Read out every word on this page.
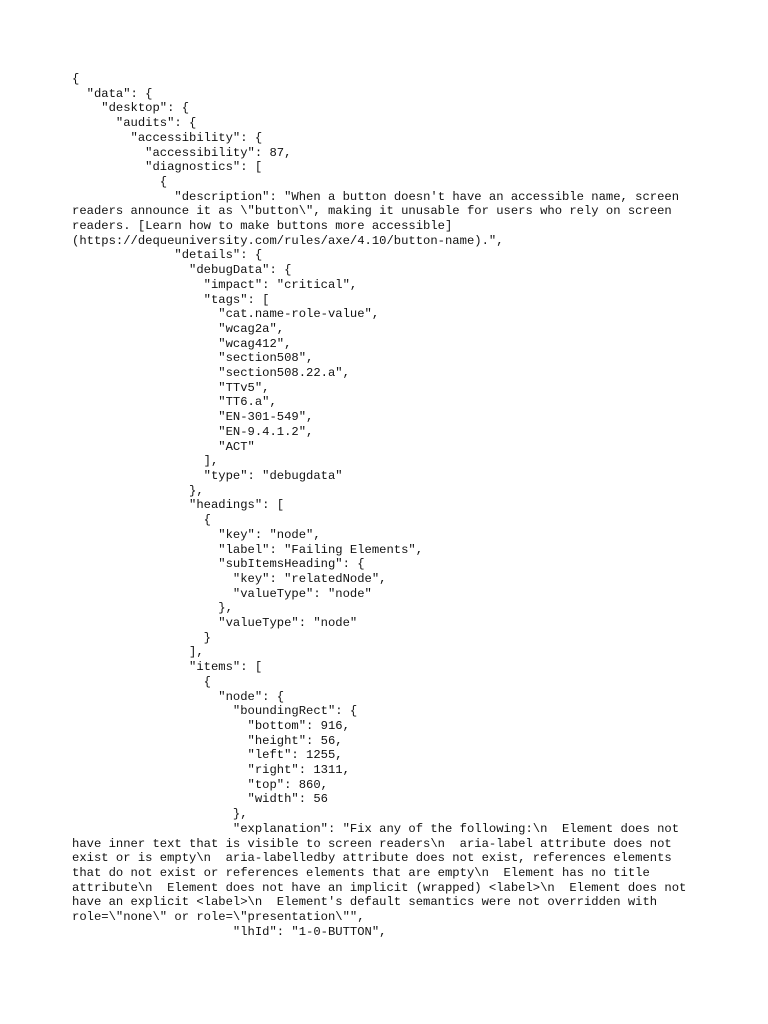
{
"data": {
"desktop": {
"audits": {
"accessibility": {
"accessibility": 87,
"diagnostics": [
{
"description": "When a button doesn't have an accessible name, screen readers announce it as \"button\", making it unusable for users who rely on screen readers. [Learn how to make buttons more accessible](https://dequeuniversity.com/rules/axe/4.10/button-name).",
"details": {
"debugData": {
"impact": "critical",
"tags": [
"cat.name-role-value",
"wcag2a",
"wcag412",
"section508",
"section508.22.a",
"TTv5",
"TT6.a",
"EN-301-549",
"EN-9.4.1.2",
"ACT"
],
"type": "debugdata"
},
"headings": [
{
"key": "node",
"label": "Failing Elements",
"subItemsHeading": {
"key": "relatedNode",
"valueType": "node"
},
"valueType": "node"
}
],
"items": [
{
"node": {
"boundingRect": {
"bottom": 916,
"height": 56,
"left": 1255,
"right": 1311,
"top": 860,
"width": 56
},
"explanation": "Fix any of the following:\n  Element does not have inner text that is visible to screen readers\n  aria-label attribute does not exist or is empty\n  aria-labelledby attribute does not exist, references elements that do not exist or references elements that are empty\n  Element has no title attribute\n  Element does not have an implicit (wrapped) <label>\n  Element does not have an explicit <label>\n  Element's default semantics were not overridden with role=\"none\" or role=\"presentation\"",
"lhId": "1-0-BUTTON",
